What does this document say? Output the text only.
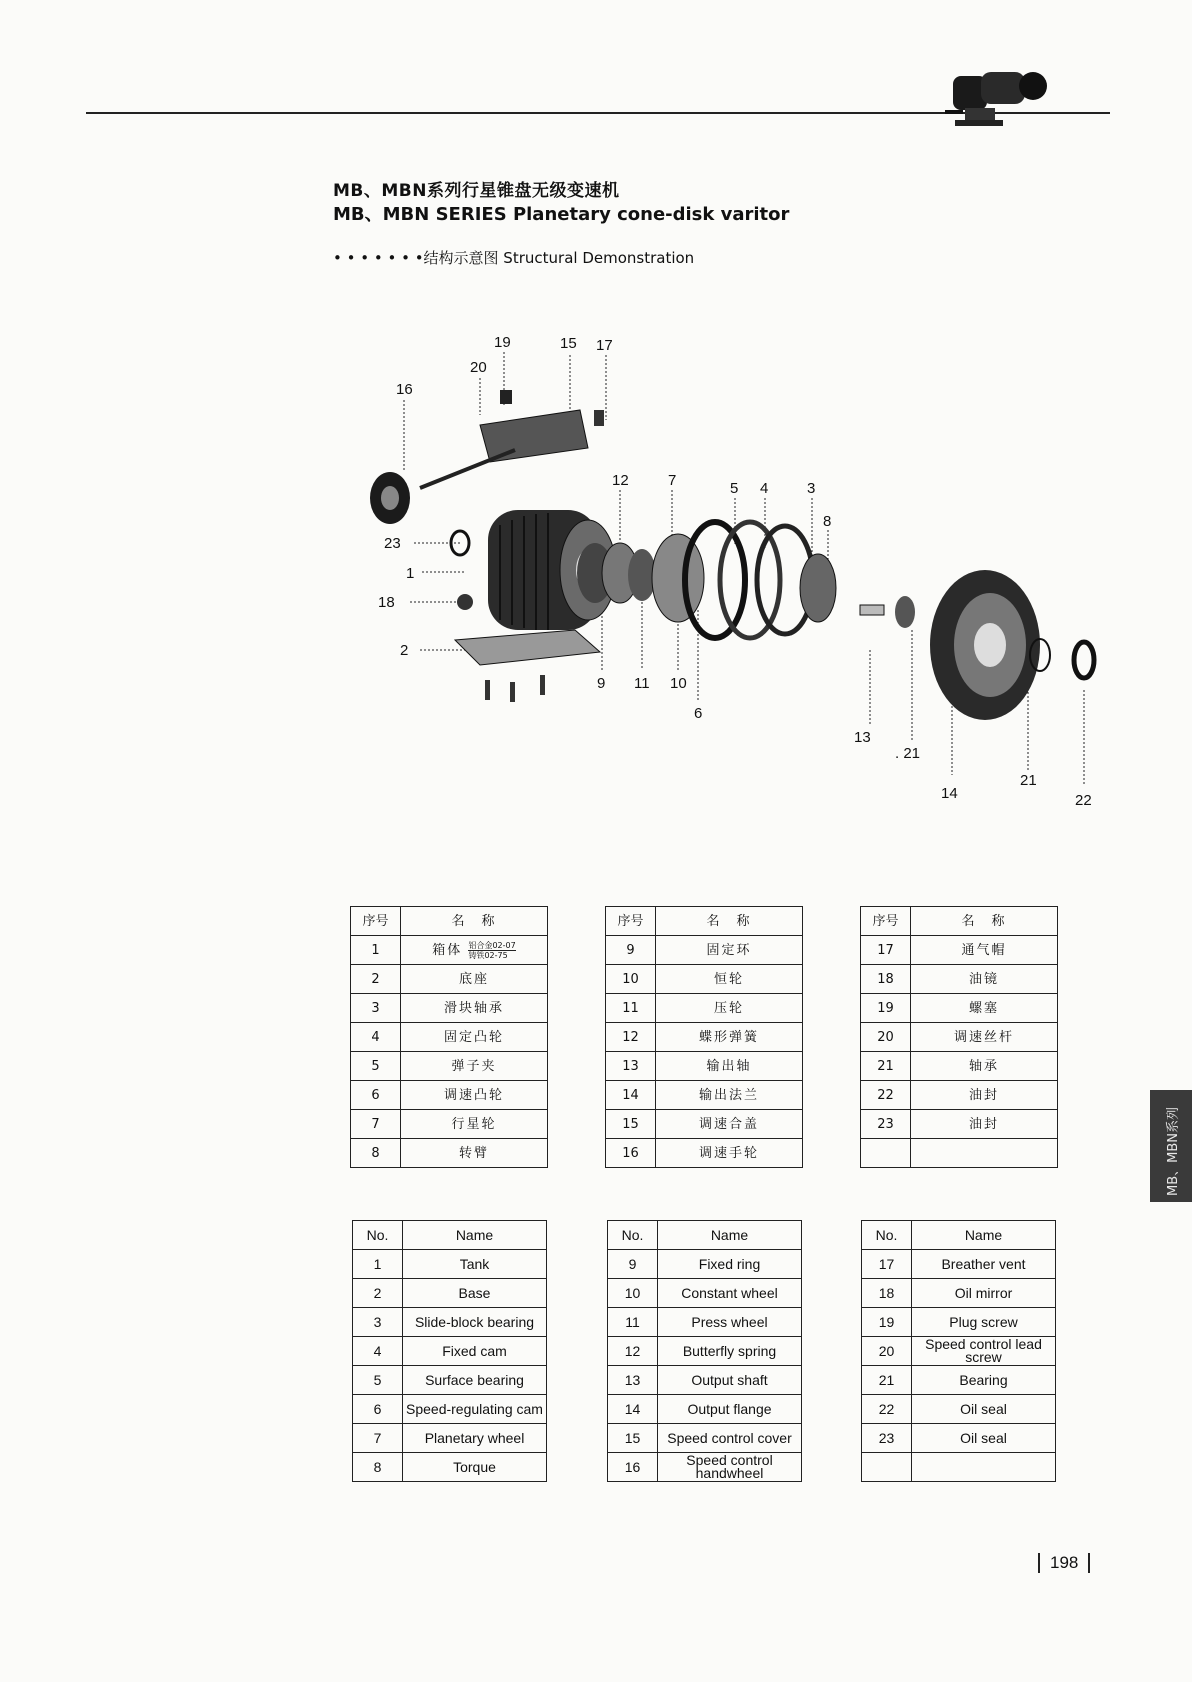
MB、MBN系列行星锥盘无级变速机
MB、MBN SERIES Planetary cone-disk varitor
• • • • • • •结构示意图 Structural Demonstration
16
20
19	15 17
12	7	5 4	3
8
23
1
18
2
9 11 10
6
13
. 21
14
21
22
序号	名　称
1	箱体 铝合金02-07
铸铁02-75

2	底座
3	滑块轴承
4	固定凸轮
5	弹子夹
6	调速凸轮
7	行星轮
8	转臂
序号	名　称
9	固定环
10	恒轮
11	压轮
12	蝶形弹簧
13	输出轴
14	输出法兰
15	调速合盖
16	调速手轮
序号	名　称
17	通气帽
18	油镜
19	螺塞
20	调速丝杆
21	轴承
22	油封
23	油封

No.	Name
1	Tank
2	Base
3	Slide-block bearing
4	Fixed cam
5	Surface bearing
6	Speed-regulating cam
7	Planetary wheel
8	Torque
No.	Name
9	Fixed ring
10	Constant wheel
11	Press wheel
12	Butterfly spring
13	Output shaft
14	Output flange
15	Speed control cover
16	Speed control handwheel
No.	Name
17	Breather vent
18	Oil mirror
19	Plug screw
20	Speed control lead screw
21	Bearing
22	Oil seal
23	Oil seal

MB、MBN系列
198
